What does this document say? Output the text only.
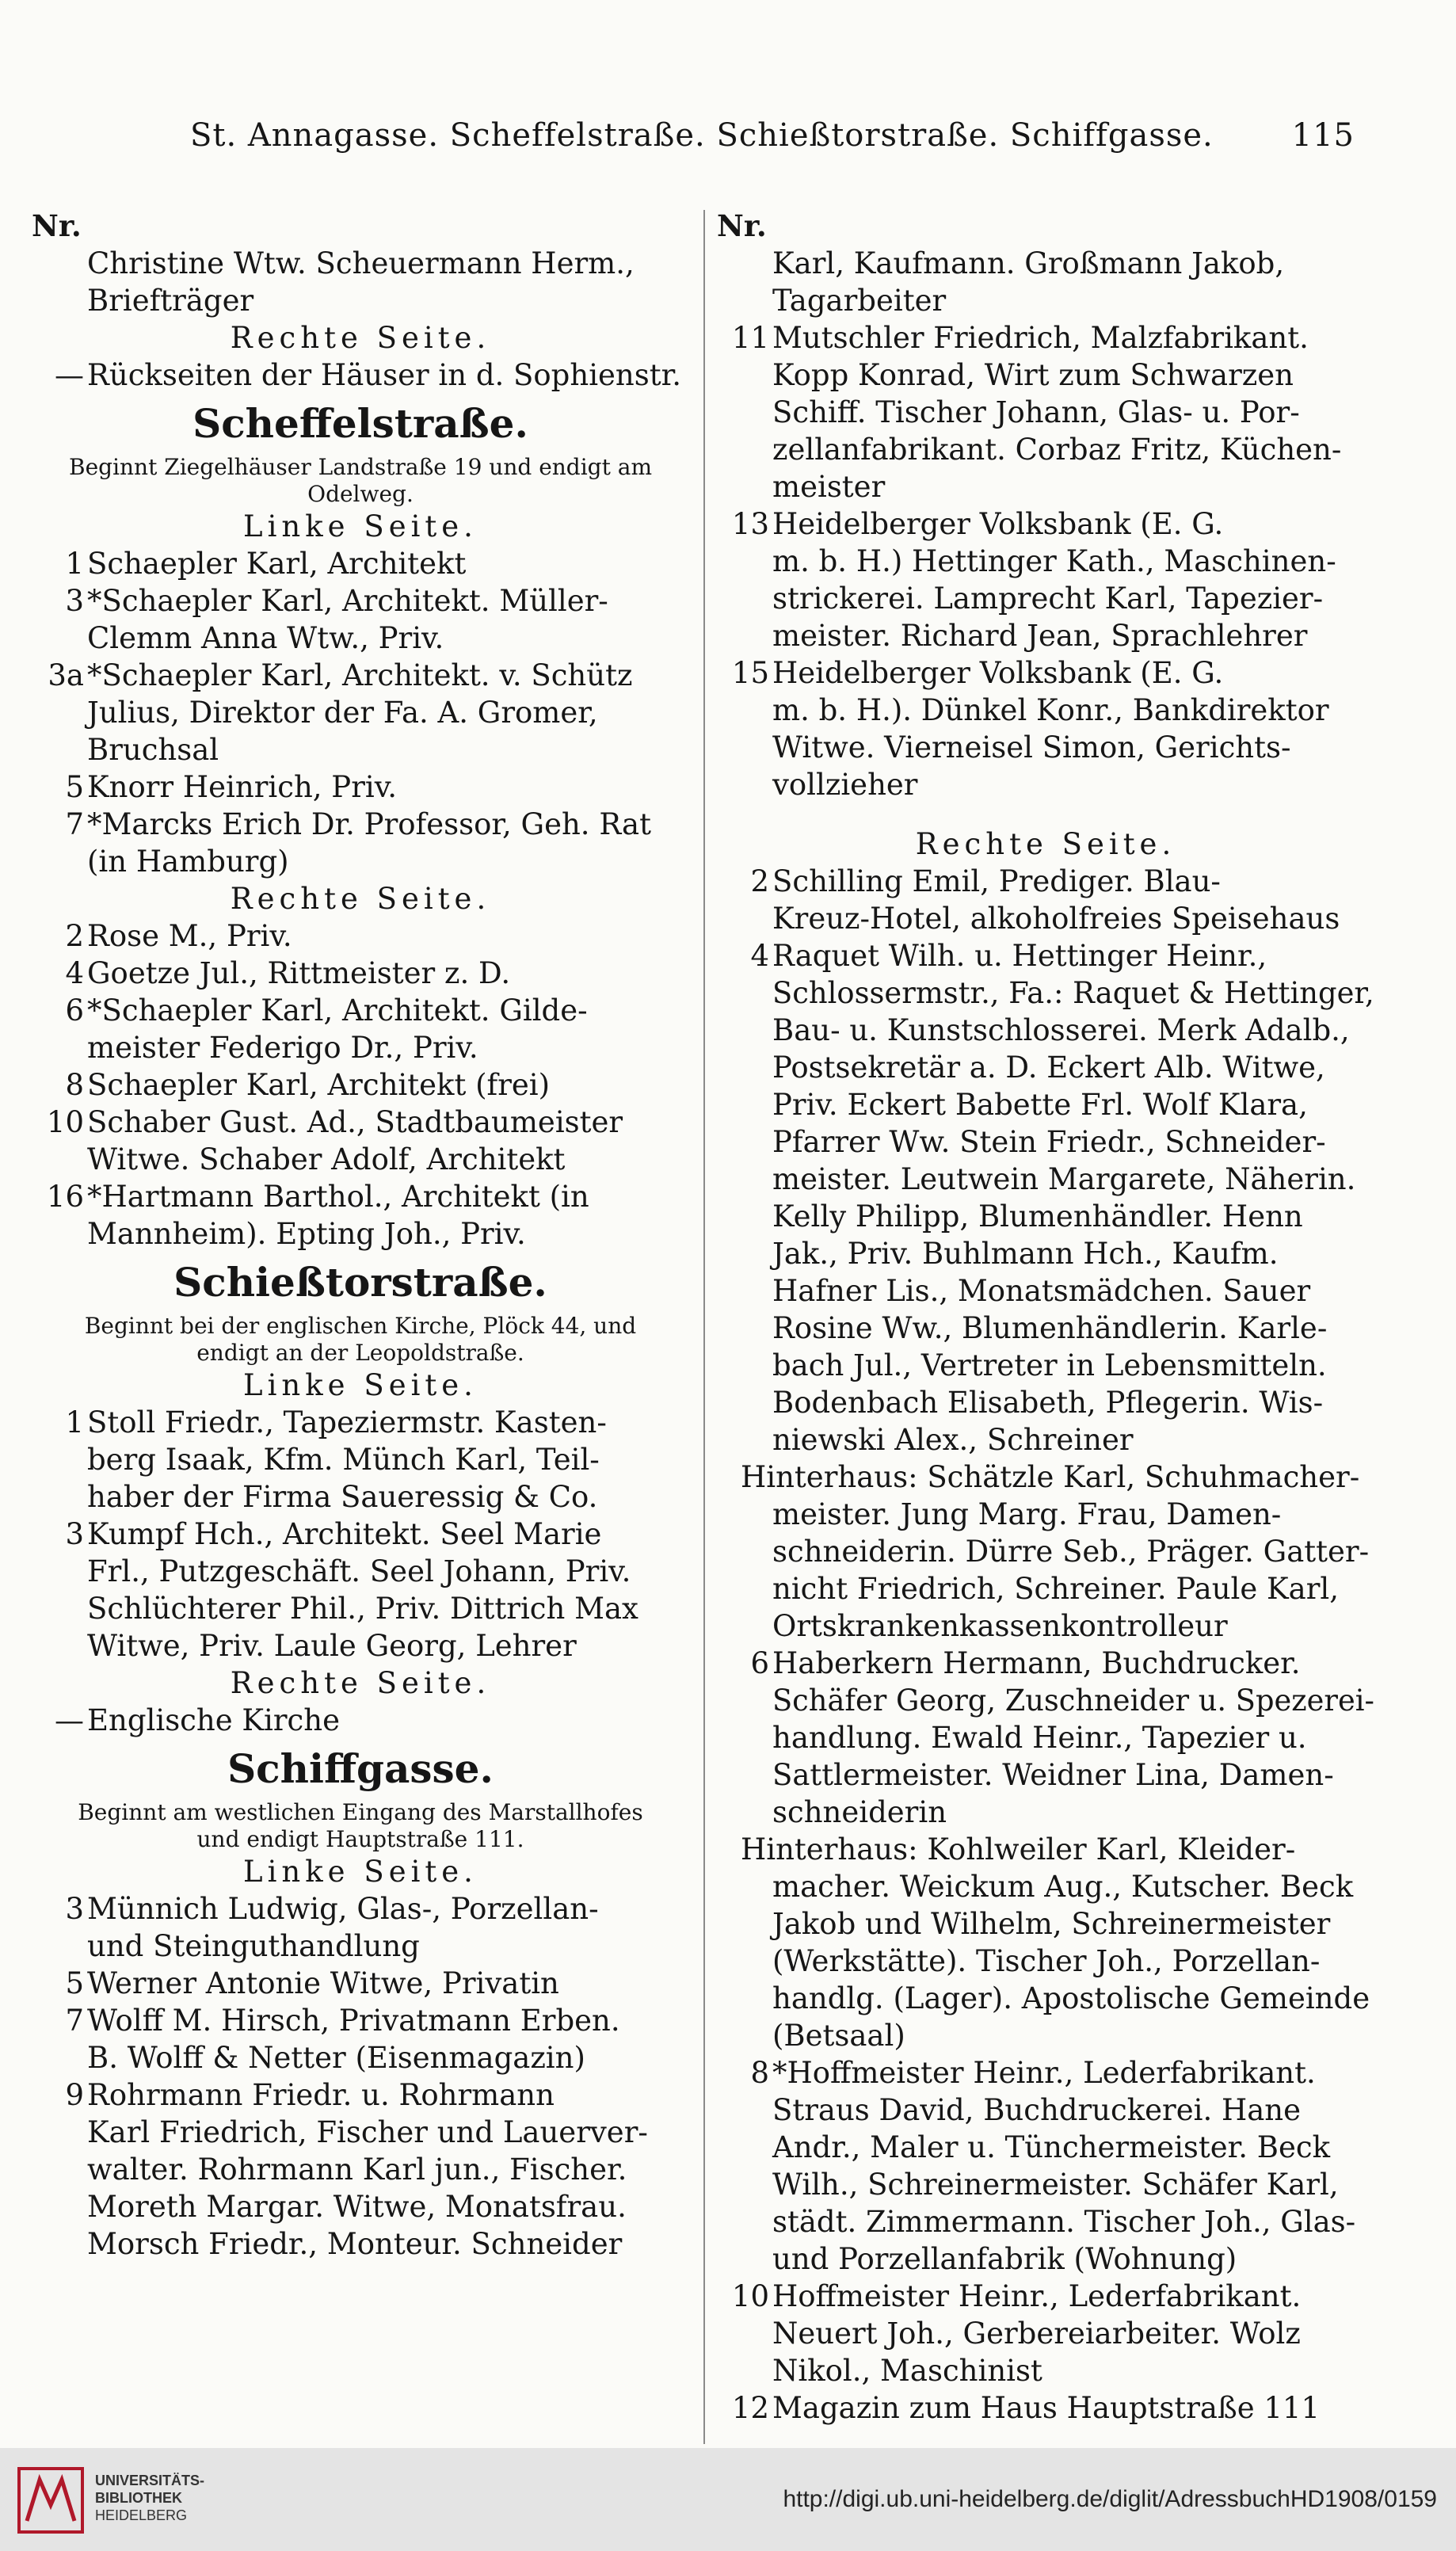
St. Annagasse. Scheffelstraße. Schießtorstraße. Schiffgasse. 115
Nr.
Christine Wtw. Scheuermann Herm.,
Briefträger
Rechte Seite.
— Rückseiten der Häuser in d. Sophienstr.
Scheffelstraße.
Beginnt Ziegelhäuser Landstraße 19 und endigt am
Odelweg.
Linke Seite.
1 Schaepler Karl, Architekt
3 *Schaepler Karl, Architekt. Müller-
Clemm Anna Wtw., Priv.
3a *Schaepler Karl, Architekt. v. Schütz
Julius, Direktor der Fa. A. Gromer,
Bruchsal
5 Knorr Heinrich, Priv.
7 *Marcks Erich Dr. Professor, Geh. Rat
(in Hamburg)
Rechte Seite.
2 Rose M., Priv.
4 Goetze Jul., Rittmeister z. D.
6 *Schaepler Karl, Architekt. Gilde-
meister Federigo Dr., Priv.
8 Schaepler Karl, Architekt (frei)
10 Schaber Gust. Ad., Stadtbaumeister
Witwe. Schaber Adolf, Architekt
16 *Hartmann Barthol., Architekt (in
Mannheim). Epting Joh., Priv.
Schießtorstraße.
Beginnt bei der englischen Kirche, Plöck 44, und
endigt an der Leopoldstraße.
Linke Seite.
1 Stoll Friedr., Tapeziermstr. Kasten-
berg Isaak, Kfm. Münch Karl, Teil-
haber der Firma Saueressig & Co.
3 Kumpf Hch., Architekt. Seel Marie
Frl., Putzgeschäft. Seel Johann, Priv.
Schlüchterer Phil., Priv. Dittrich Max
Witwe, Priv. Laule Georg, Lehrer
Rechte Seite.
— Englische Kirche
Schiffgasse.
Beginnt am westlichen Eingang des Marstallhofes
und endigt Hauptstraße 111.
Linke Seite.
3 Münnich Ludwig, Glas-, Porzellan-
und Steinguthandlung
5 Werner Antonie Witwe, Privatin
7 Wolff M. Hirsch, Privatmann Erben.
B. Wolff & Netter (Eisenmagazin)
9 Rohrmann Friedr. u. Rohrmann
Karl Friedrich, Fischer und Lauerver-
walter. Rohrmann Karl jun., Fischer.
Moreth Margar. Witwe, Monatsfrau.
Morsch Friedr., Monteur. Schneider
Nr.
Karl, Kaufmann. Großmann Jakob,
Tagarbeiter
11 Mutschler Friedrich, Malzfabrikant.
Kopp Konrad, Wirt zum Schwarzen
Schiff. Tischer Johann, Glas- u. Por-
zellanfabrikant. Corbaz Fritz, Küchen-
meister
13 Heidelberger Volksbank (E. G.
m. b. H.) Hettinger Kath., Maschinen-
strickerei. Lamprecht Karl, Tapezier-
meister. Richard Jean, Sprachlehrer
15 Heidelberger Volksbank (E. G.
m. b. H.). Dünkel Konr., Bankdirektor
Witwe. Vierneisel Simon, Gerichts-
vollzieher
Rechte Seite.
2 Schilling Emil, Prediger. Blau-
Kreuz-Hotel, alkoholfreies Speisehaus
4 Raquet Wilh. u. Hettinger Heinr.,
Schlossermstr., Fa.: Raquet & Hettinger,
Bau- u. Kunstschlosserei. Merk Adalb.,
Postsekretär a. D. Eckert Alb. Witwe,
Priv. Eckert Babette Frl. Wolf Klara,
Pfarrer Ww. Stein Friedr., Schneider-
meister. Leutwein Margarete, Näherin.
Kelly Philipp, Blumenhändler. Henn
Jak., Priv. Buhlmann Hch., Kaufm.
Hafner Lis., Monatsmädchen. Sauer
Rosine Ww., Blumenhändlerin. Karle-
bach Jul., Vertreter in Lebensmitteln.
Bodenbach Elisabeth, Pflegerin. Wis-
niewski Alex., Schreiner
Hinterhaus: Schätzle Karl, Schuhmacher-
meister. Jung Marg. Frau, Damen-
schneiderin. Dürre Seb., Präger. Gatter-
nicht Friedrich, Schreiner. Paule Karl,
Ortskrankenkassenkontrolleur
6 Haberkern Hermann, Buchdrucker.
Schäfer Georg, Zuschneider u. Spezerei-
handlung. Ewald Heinr., Tapezier u.
Sattlermeister. Weidner Lina, Damen-
schneiderin
Hinterhaus: Kohlweiler Karl, Kleider-
macher. Weickum Aug., Kutscher. Beck
Jakob und Wilhelm, Schreinermeister
(Werkstätte). Tischer Joh., Porzellan-
handlg. (Lager). Apostolische Gemeinde
(Betsaal)
8 *Hoffmeister Heinr., Lederfabrikant.
Straus David, Buchdruckerei. Hane
Andr., Maler u. Tünchermeister. Beck
Wilh., Schreinermeister. Schäfer Karl,
städt. Zimmermann. Tischer Joh., Glas-
und Porzellanfabrik (Wohnung)
10 Hoffmeister Heinr., Lederfabrikant.
Neuert Joh., Gerbereiarbeiter. Wolz
Nikol., Maschinist
12 Magazin zum Haus Hauptstraße 111
UNIVERSITÄTS-
BIBLIOTHEK
HEIDELBERG
http://digi.ub.uni-heidelberg.de/diglit/AdressbuchHD1908/0159
